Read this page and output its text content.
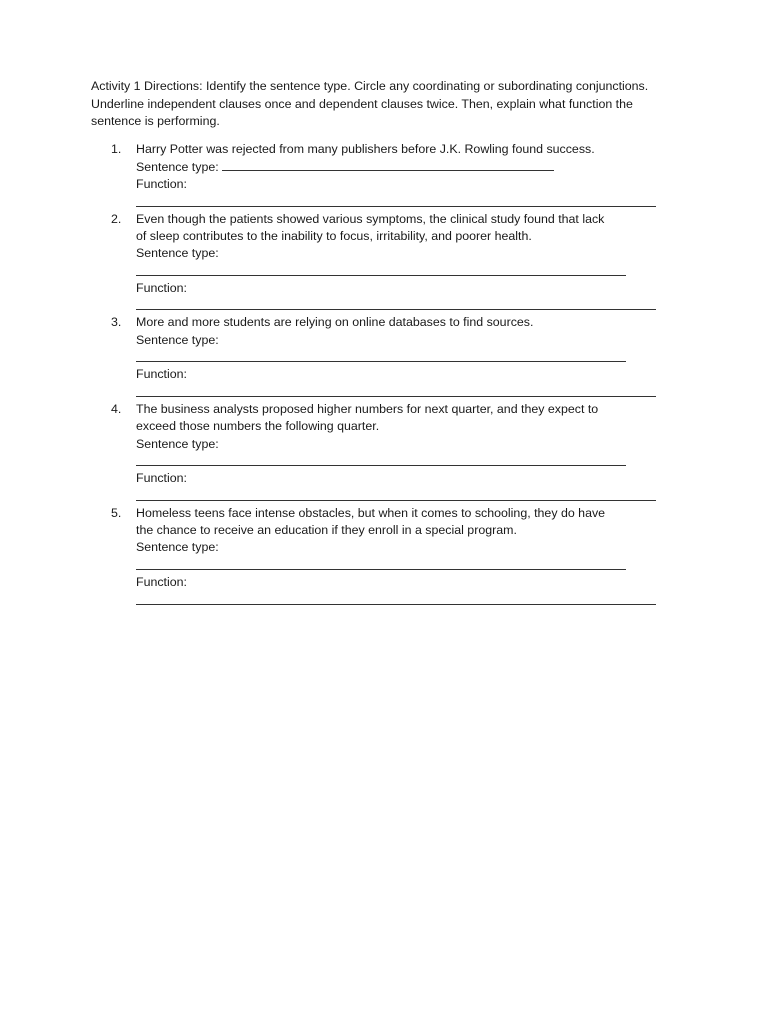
Activity 1 Directions: Identify the sentence type. Circle any coordinating or subordinating conjunctions. Underline independent clauses once and dependent clauses twice. Then, explain what function the sentence is performing.

1. Harry Potter was rejected from many publishers before J.K. Rowling found success.
Sentence type:
Function:
2. Even though the patients showed various symptoms, the clinical study found that lack
of sleep contributes to the inability to focus, irritability, and poorer health.
Sentence type:
Function:
3. More and more students are relying on online databases to find sources.
Sentence type:
Function:
4. The business analysts proposed higher numbers for next quarter, and they expect to
exceed those numbers the following quarter.
Sentence type:
Function:
5. Homeless teens face intense obstacles, but when it comes to schooling, they do have
the chance to receive an education if they enroll in a special program.
Sentence type:
Function:
